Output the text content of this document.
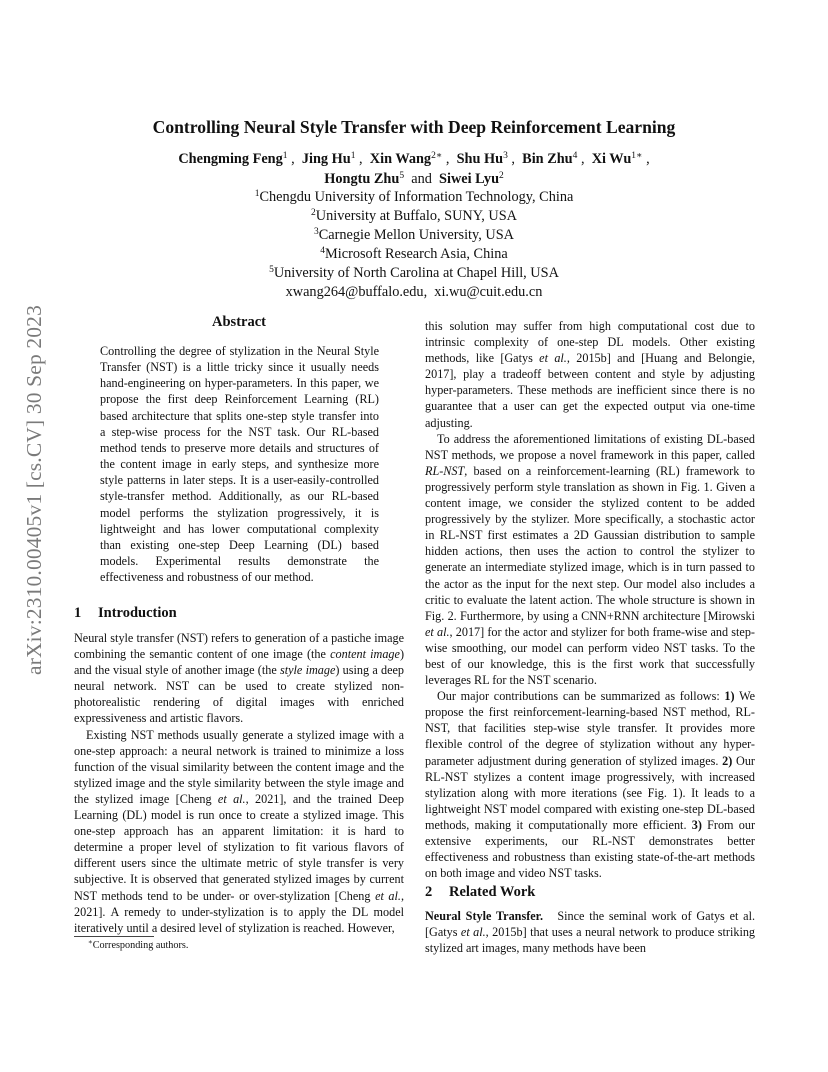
arXiv:2310.00405v1 [cs.CV] 30 Sep 2023
Controlling Neural Style Transfer with Deep Reinforcement Learning
Chengming Feng$^1$ ,  Jing Hu$^1$ ,  Xin Wang$^{2∗}$ ,  Shu Hu$^3$ ,  Bin Zhu$^4$ ,  Xi $Wu^{1∗}$ ,
Hongtu Zhu$^5$ and Siwei Lyu$^2$
$^1$Chengdu University of Information Technology, China
$^2$University at Buffalo, SUNY, USA
$^3$Carnegie Mellon University, USA
$^4$Microsoft Research Asia, China
$^5$University of North Carolina at Chapel Hill, USA
xwang264@buffalo.edu,  xi.wu@cuit.edu.cn
Abstract

Controlling the degree of stylization in the Neural Style Transfer (NST) is a little tricky since it usually needs hand-engineering on hyper-parameters. In this paper, we propose the first deep Reinforcement Learning (RL) based architecture that splits one-step style transfer into a step-wise process for the NST task. Our RL-based method tends to preserve more details and structures of the content image in early steps, and synthesize more style patterns in later steps. It is a user-easily-controlled style-transfer method. Additionally, as our RL-based model performs the stylization progressively, it is lightweight and has lower computational complexity than existing one-step Deep Learning (DL) based models. Experimental results demonstrate the effectiveness and robustness of our method.

1 Introduction

Neural style transfer (NST) refers to generation of a pastiche image combining the semantic content of one image (the content image) and the visual style of another image (the style image) using a deep neural network. NST can be used to create stylized non-photorealistic rendering of digital images with enriched expressiveness and artistic flavors.

Existing NST methods usually generate a stylized image with a one-step approach: a neural network is trained to minimize a loss function of the visual similarity between the content image and the stylized image and the style similarity between the style image and the stylized image [Cheng et al., 2021], and the trained Deep Learning (DL) model is run once to create a stylized image. This one-step approach has an apparent limitation: it is hard to determine a proper level of stylization to fit various flavors of different users since the ultimate metric of style transfer is very subjective. It is observed that generated stylized images by current NST methods tend to be under- or over-stylization [Cheng et al., 2021]. A remedy to under-stylization is to apply the DL model iteratively until a desired level of stylization is reached. However,

this solution may suffer from high computational cost due to intrinsic complexity of one-step DL models. Other existing methods, like [Gatys et al., 2015b] and [Huang and Belongie, 2017], play a tradeoff between content and style by adjusting hyper-parameters. These methods are inefficient since there is no guarantee that a user can get the expected output via one-time adjusting.

To address the aforementioned limitations of existing DL-based NST methods, we propose a novel framework in this paper, called RL-NST, based on a reinforcement-learning (RL) framework to progressively perform style translation as shown in Fig. 1. Given a content image, we consider the stylized content to be added progressively by the stylizer. More specifically, a stochastic actor in RL-NST first estimates a 2D Gaussian distribution to sample hidden actions, then uses the action to control the stylizer to generate an intermediate stylized image, which is in turn passed to the actor as the input for the next step. Our model also includes a critic to evaluate the latent action. The whole structure is shown in Fig. 2. Furthermore, by using a CNN+RNN architecture [Mirowski et al., 2017] for the actor and stylizer for both frame-wise and step-wise smoothing, our model can perform video NST tasks. To the best of our knowledge, this is the first work that successfully leverages RL for the NST scenario.

Our major contributions can be summarized as follows: 1) We propose the first reinforcement-learning-based NST method, RL-NST, that facilities step-wise style transfer. It provides more flexible control of the degree of stylization without any hyper-parameter adjustment during generation of stylized images. 2) Our RL-NST stylizes a content image progressively, with increased stylization along with more iterations (see Fig. 1). It leads to a lightweight NST model compared with existing one-step DL-based methods, making it computationally more efficient. 3) From our extensive experiments, our RL-NST demonstrates better effectiveness and robustness than existing state-of-the-art methods on both image and video NST tasks.

2 Related Work

Neural Style Transfer.   Since the seminal work of Gatys et al. [Gatys et al., 2015b] that uses a neural network to produce striking stylized art images, many methods have been

∗Corresponding authors.
